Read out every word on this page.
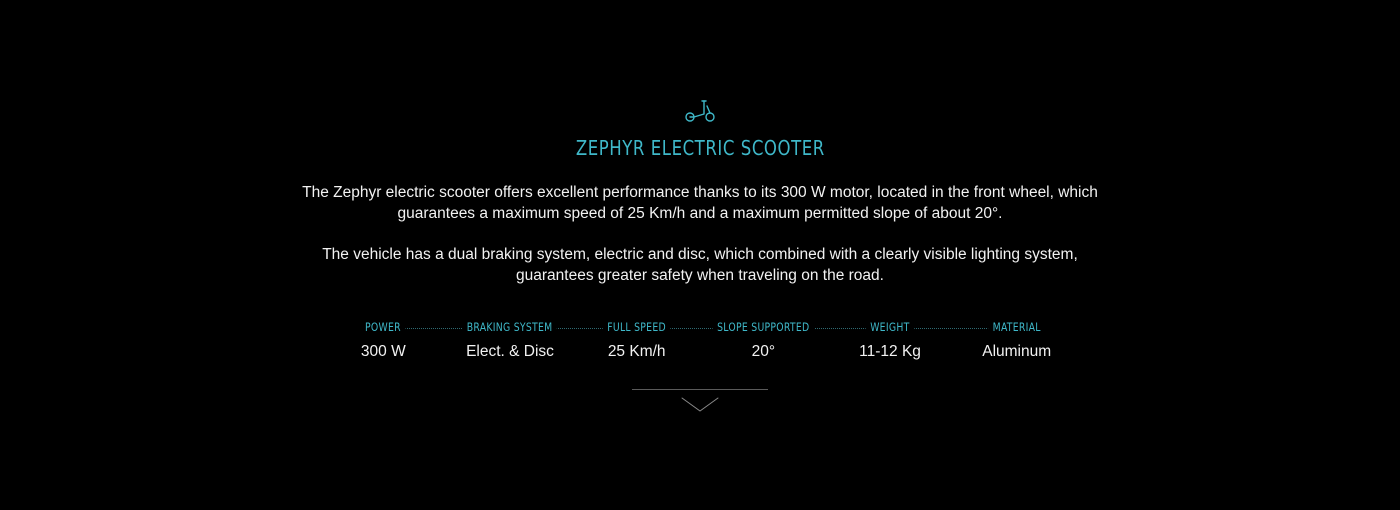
ZEPHYR ELECTRIC SCOOTER

The Zephyr electric scooter offers excellent performance thanks to its 300 W motor, located in the front wheel, which guarantees a maximum speed of 25 Km/h and a maximum permitted slope of about 20°.

The vehicle has a dual braking system, electric and disc, which combined with a clearly visible lighting system, guarantees greater safety when traveling on the road.

POWER
300 W
BRAKING SYSTEM
Elect. & Disc
FULL SPEED
25 Km/h
SLOPE SUPPORTED
20°
WEIGHT
11-12 Kg
MATERIAL
Aluminum
